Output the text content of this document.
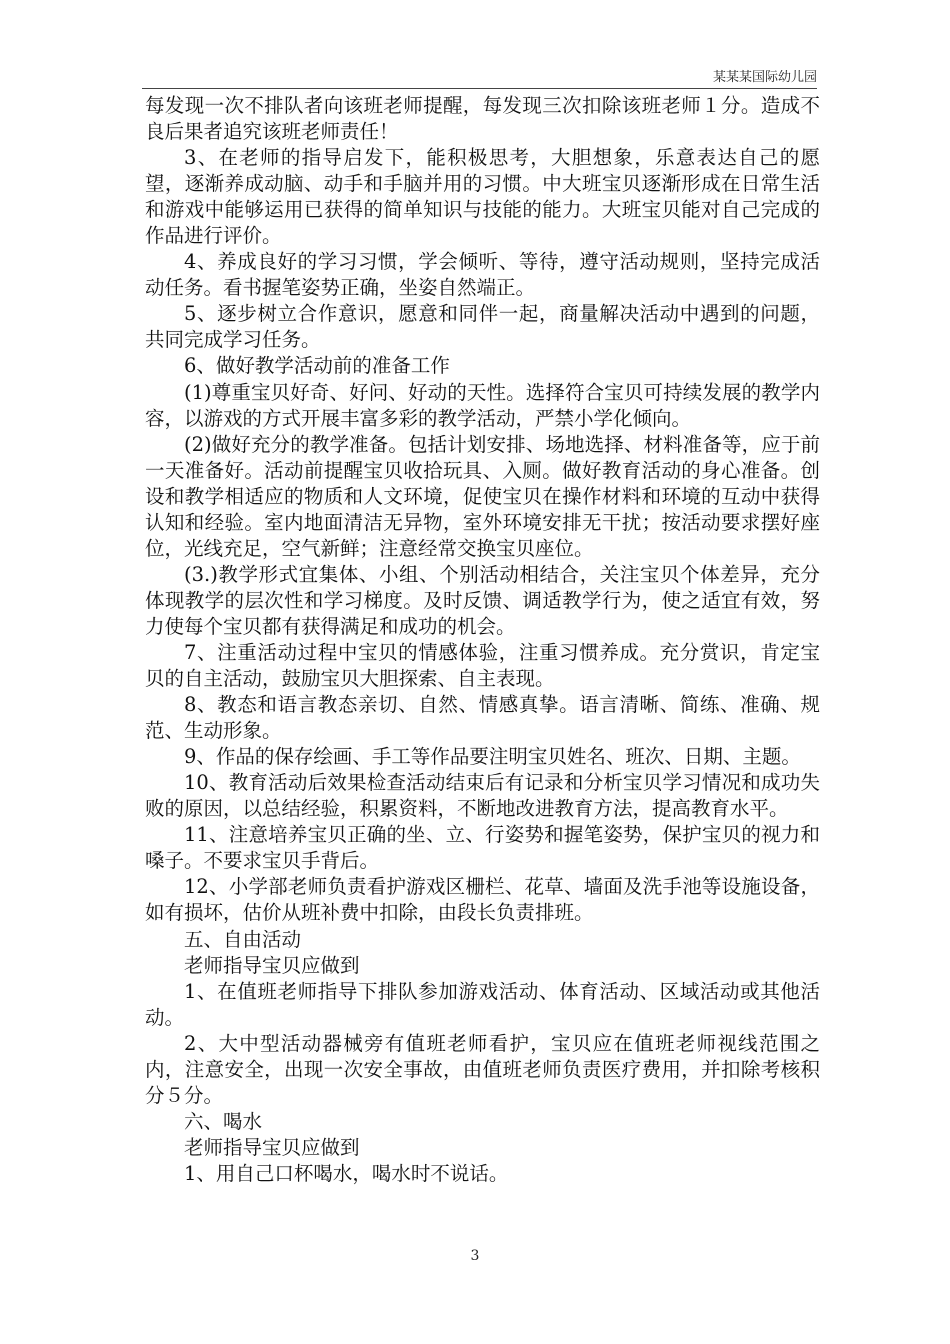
某某某国际幼儿园

每发现一次不排队者向该班老师提醒，每发现三次扣除该班老师１分。造成不良后果者追究该班老师责任！

3、在老师的指导启发下，能积极思考，大胆想象，乐意表达自己的愿望，逐渐养成动脑、动手和手脑并用的习惯。中大班宝贝逐渐形成在日常生活和游戏中能够运用已获得的简单知识与技能的能力。大班宝贝能对自己完成的作品进行评价。

4、养成良好的学习习惯，学会倾听、等待，遵守活动规则，坚持完成活动任务。看书握笔姿势正确，坐姿自然端正。

5、逐步树立合作意识，愿意和同伴一起，商量解决活动中遇到的问题，共同完成学习任务。

6、做好教学活动前的准备工作

(1)尊重宝贝好奇、好问、好动的天性。选择符合宝贝可持续发展的教学内容，以游戏的方式开展丰富多彩的教学活动，严禁小学化倾向。

(2)做好充分的教学准备。包括计划安排、场地选择、材料准备等，应于前一天准备好。活动前提醒宝贝收拾玩具、入厕。做好教育活动的身心准备。创设和教学相适应的物质和人文环境，促使宝贝在操作材料和环境的互动中获得认知和经验。室内地面清洁无异物，室外环境安排无干扰；按活动要求摆好座位，光线充足，空气新鲜；注意经常交换宝贝座位。

(3.)教学形式宜集体、小组、个别活动相结合，关注宝贝个体差异，充分体现教学的层次性和学习梯度。及时反馈、调适教学行为，使之适宜有效，努力使每个宝贝都有获得满足和成功的机会。

7、注重活动过程中宝贝的情感体验，注重习惯养成。充分赏识，肯定宝贝的自主活动，鼓励宝贝大胆探索、自主表现。

8、教态和语言教态亲切、自然、情感真挚。语言清晰、简练、准确、规范、生动形象。

9、作品的保存绘画、手工等作品要注明宝贝姓名、班次、日期、主题。

10、教育活动后效果检查活动结束后有记录和分析宝贝学习情况和成功失败的原因，以总结经验，积累资料，不断地改进教育方法，提高教育水平。

11、注意培养宝贝正确的坐、立、行姿势和握笔姿势，保护宝贝的视力和嗓子。不要求宝贝手背后。

12、小学部老师负责看护游戏区栅栏、花草、墙面及洗手池等设施设备，如有损坏，估价从班补费中扣除，由段长负责排班。

五、自由活动

老师指导宝贝应做到

1、在值班老师指导下排队参加游戏活动、体育活动、区域活动或其他活动。

2、大中型活动器械旁有值班老师看护，宝贝应在值班老师视线范围之内，注意安全，出现一次安全事故，由值班老师负责医疗费用，并扣除考核积分５分。

六、喝水

老师指导宝贝应做到

1、用自己口杯喝水，喝水时不说话。

3
